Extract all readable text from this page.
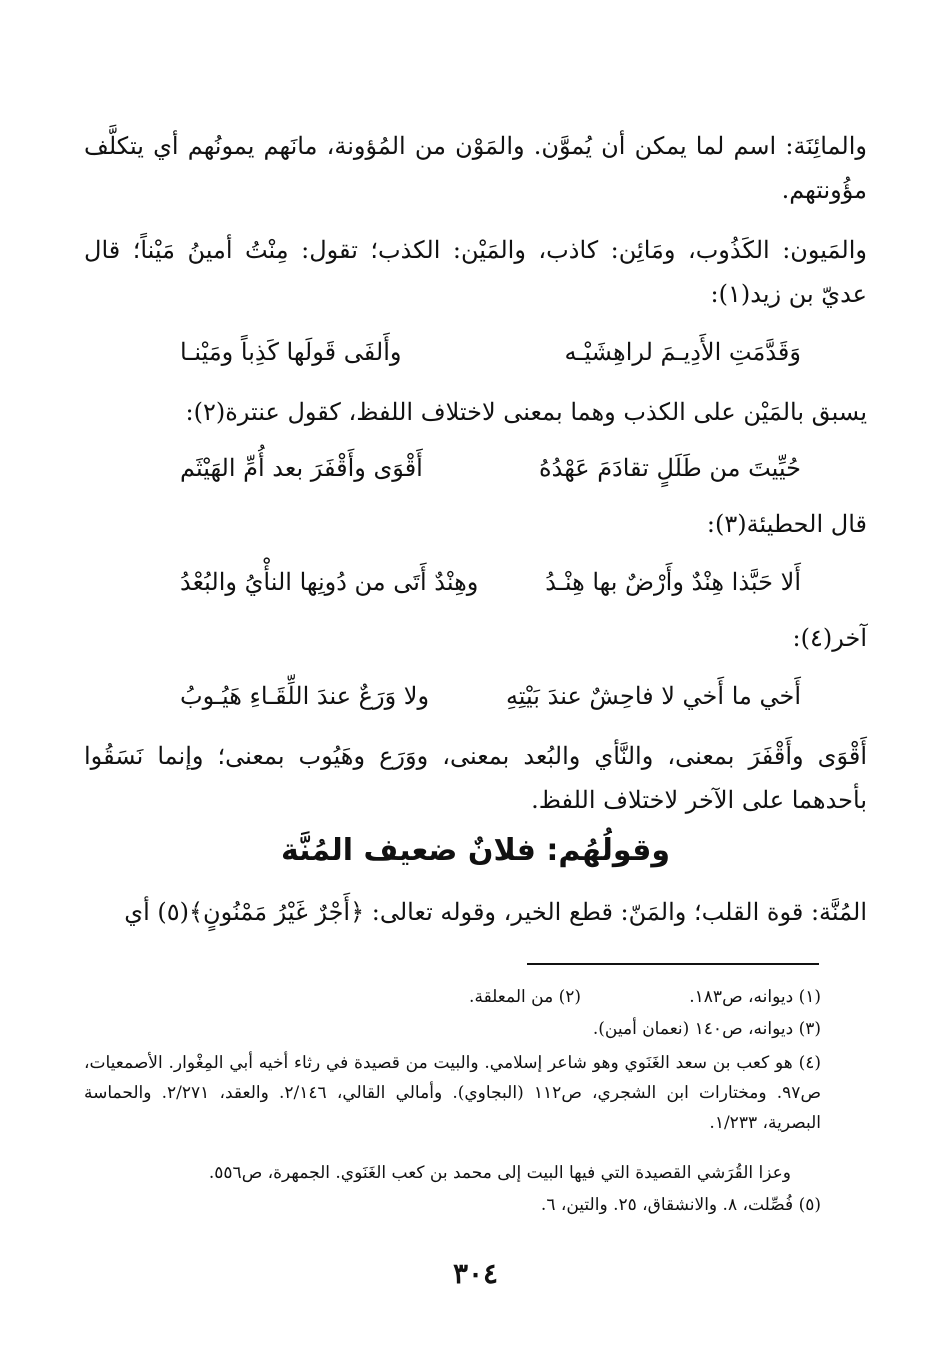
والمائِنَة: اسم لما يمكن أن يُموَّن. والمَوْن من المُؤونة، مانَهم يمونُهم أي يتكلَّف مؤُونتهم.
والمَيون: الكَذُوب، ومَائِن: كاذب، والمَيْن: الكذب؛ تقول: مِنْتُ أمينُ مَيْناً؛ قال عديّ بن زيد(١):
وَقَدَّمَتِ الأَدِيـمَ لراهِشَيْـه
وأَلفَى قَولَها كَذِباً ومَيْنـا
يسبق بالمَيْن على الكذب وهما بمعنى لاختلاف اللفظ، كقول عنترة(٢):
حُيِّيتَ من طَلَلٍ تقادَمَ عَهْدُهُ
أَقْوَى وأَقْفَرَ بعد أُمِّ الهَيْثَم
قال الحطيئة(٣):
أَلا حَبَّذا هِنْدٌ وأَرْضٌ بها هِنْـدُ
وهِنْدٌ أَتَى من دُونِها النأْيُ والبُعْدُ
آخر(٤):
أَخي ما أَخي لا فاحِشٌ عندَ بَيْتِهِ
ولا وَرَعٌ عندَ اللِّقَـاءِ هَيُـوبُ
أَقْوَى وأَقْفَرَ بمعنى، والنَّأي والبُعد بمعنى، ووَرَع وهَيُوب بمعنى؛ وإنما نَسَقُوا بأحدهما على الآخر لاختلاف اللفظ.
وقولُهُم: فلانٌ ضعيف المُنَّة
المُنَّة: قوة القلب؛ والمَنّ: قطع الخير، وقوله تعالى: ﴿أَجْرٌ غَيْرُ مَمْنُونٍ﴾(٥) أي
(١) ديوانه، ص١٨٣.
(٢) من المعلقة.
(٣) ديوانه، ص١٤٠ (نعمان أمين).
(٤) هو كعب بن سعد الغَنَوي وهو شاعر إسلامي. والبيت من قصيدة في رثاء أخيه أبي المِغْوار. الأصمعيات، ص٩٧. ومختارات ابن الشجري، ص١١٢ (البجاوي). وأمالي القالي، ٢/١٤٦. والعقد، ٢/٢٧١. والحماسة البصرية، ١/٢٣٣.
وعزا القُرَشي القصيدة التي فيها البيت إلى محمد بن كعب الغَنَوي. الجمهرة، ص٥٥٦.
(٥) فُصِّلت، ٨. والانشقاق، ٢٥. والتين، ٦.
٣٠٤
